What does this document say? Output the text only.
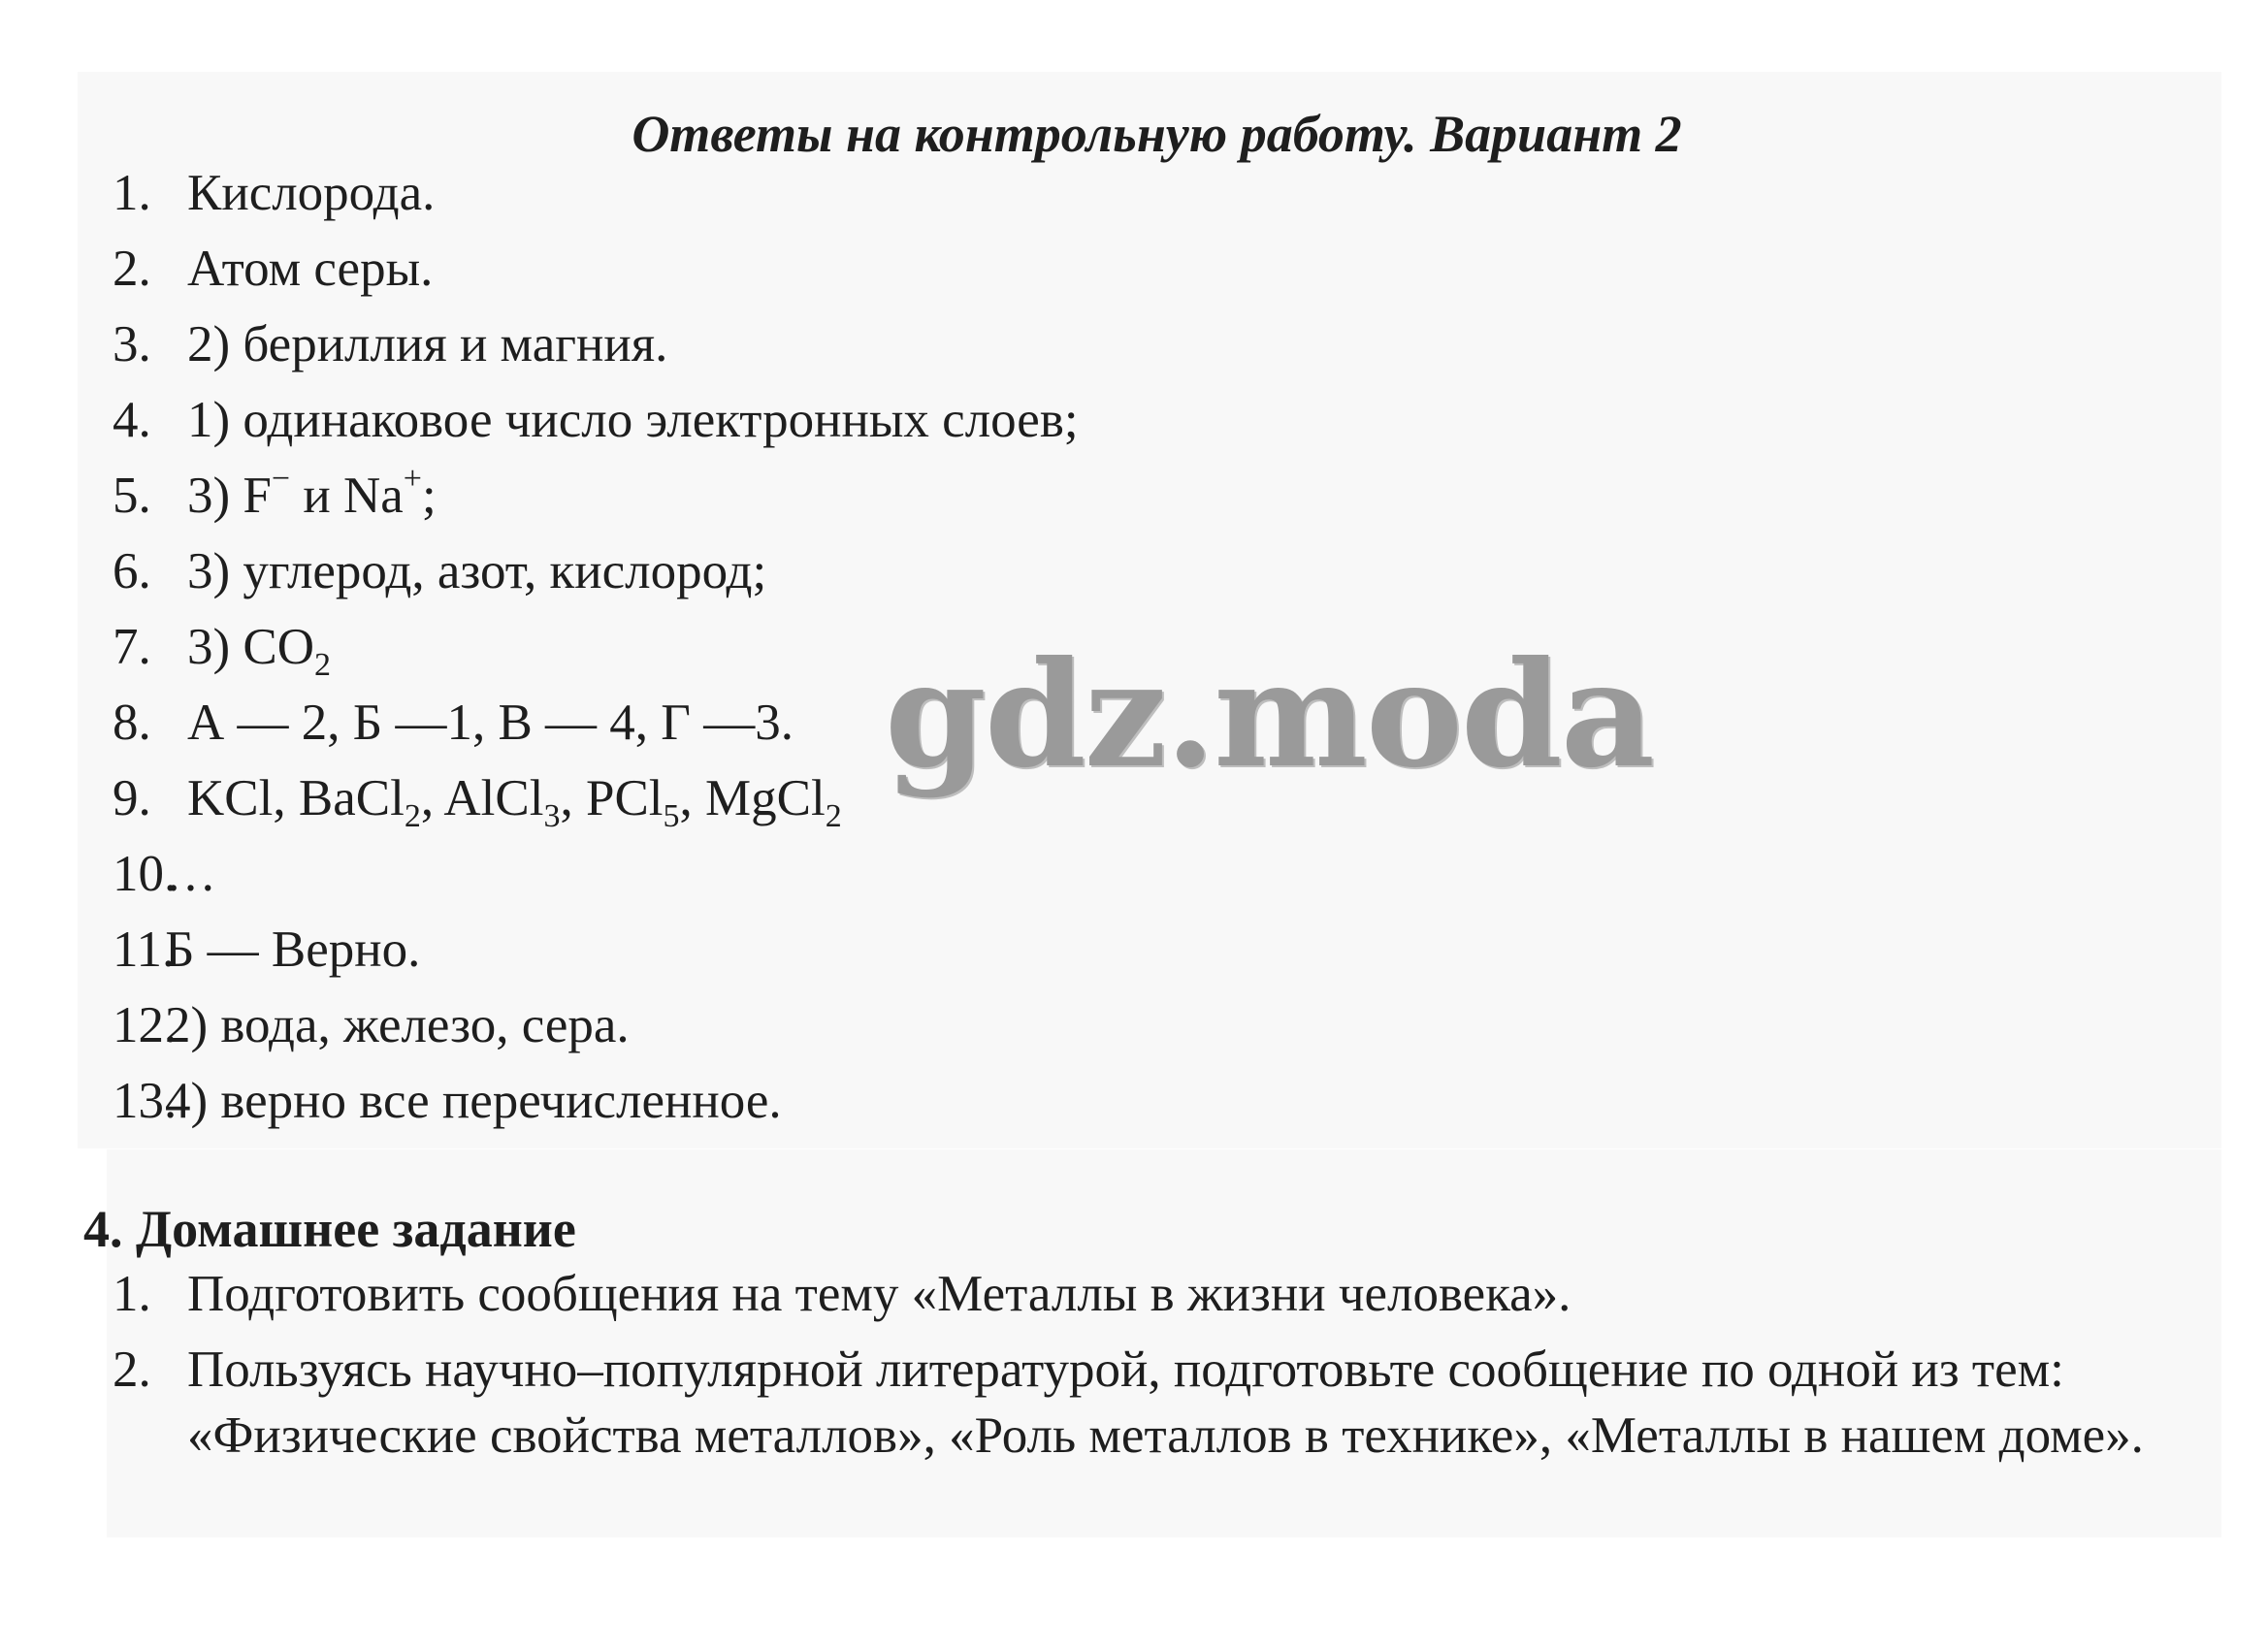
Ответы на контрольную работу. Вариант 2
1. Кислорода.
2. Атом серы.
3. 2) бериллия и магния.
4. 1) одинаковое число электронных слоев;
5. 3) F− и Na+;
6. 3) углерод, азот, кислород;
7. 3) $CO_2$
8. А — 2, Б —1, В — 4, Г —3.
9. KCl, BaCl$_2$, AlCl$_3$, PCl$_5$, MgCl$_2$
10.
…
11.
Б — Верно.
12.
2) вода, железо, сера.
13.
4) верно все перечисленное.
gdz.moda
4. Домашнее задание
1. Подготовить сообщения на тему «Металлы в жизни человека».
2. Пользуясь научно–популярной литературой, подготовьте сообщение по одной из тем: «Физические свойства металлов», «Роль металлов в технике», «Металлы в нашем доме».
